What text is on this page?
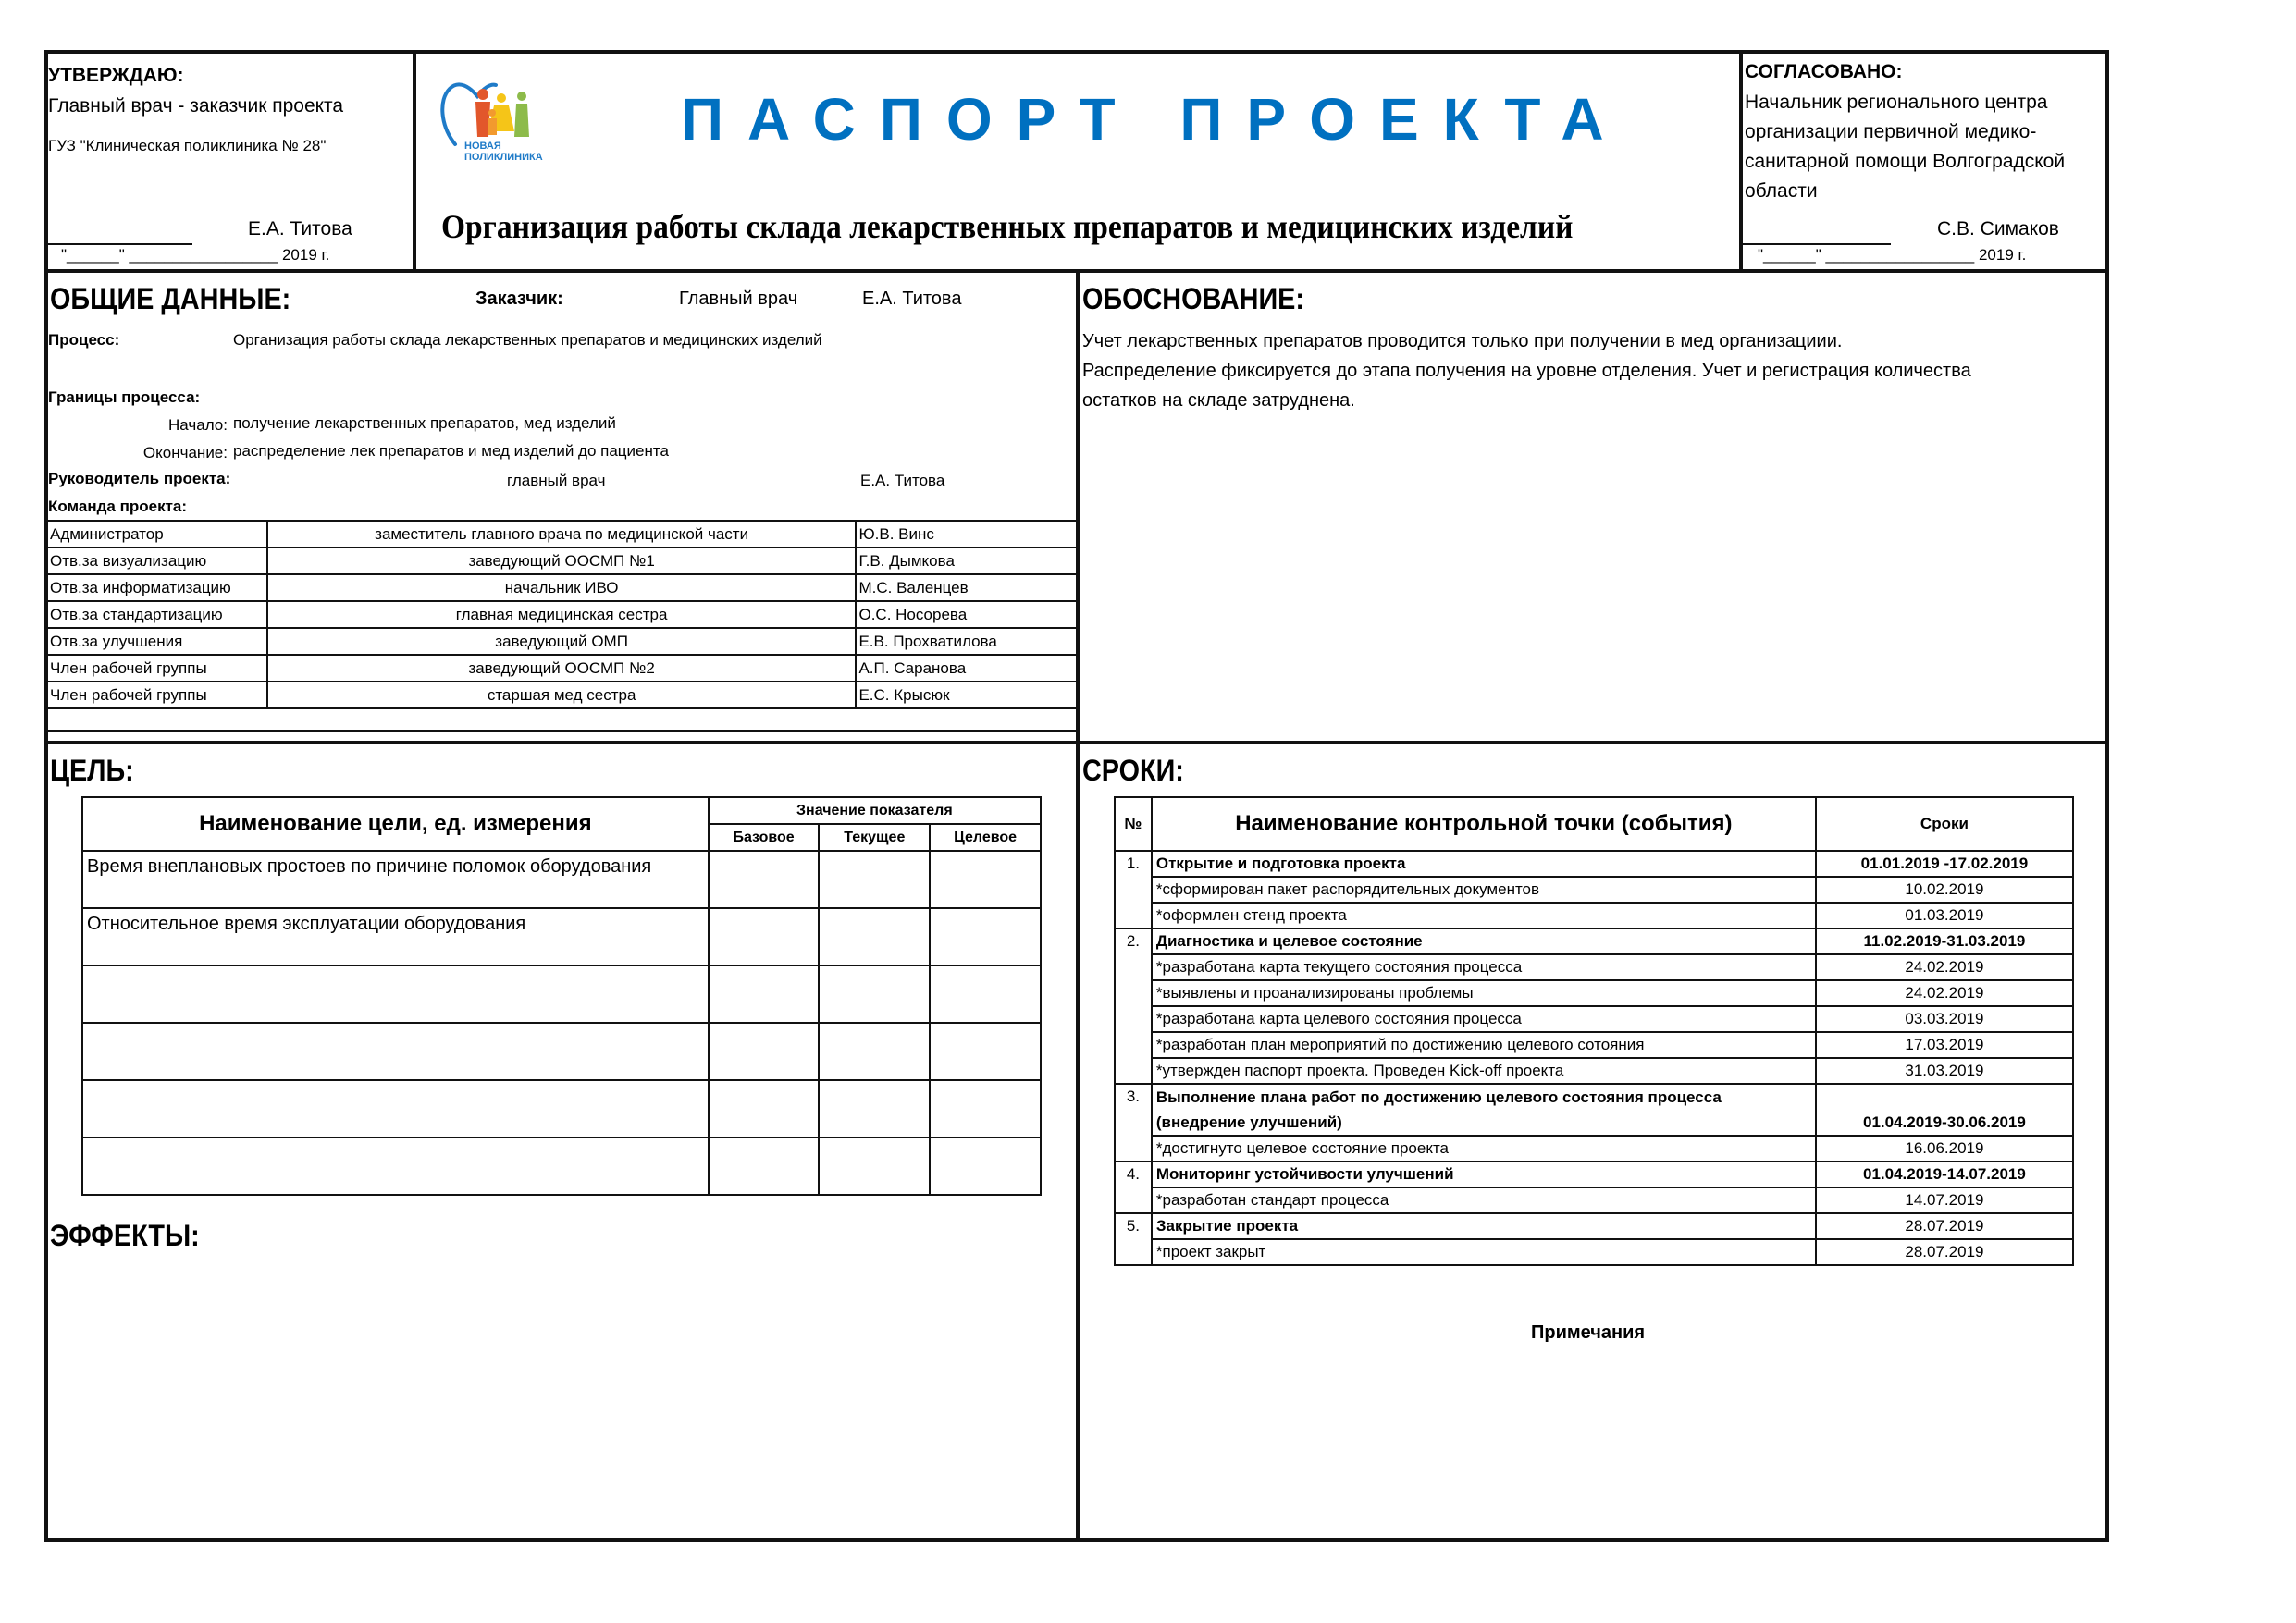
УТВЕРЖДАЮ:
Главный врач - заказчик проекта
ГУЗ "Клиническая поликлиника № 28"
Е.А. Титова
"______" _________________ 2019 г.
НОВАЯ
ПОЛИКЛИНИКА
ПАСПОРТ ПРОЕКТА
Организация работы склада лекарственных препаратов и медицинских изделий
СОГЛАСОВАНО:
Начальник регионального центра
организации первичной медико-
санитарной помощи Волгоградской
области
С.В. Симаков
"______" _________________ 2019 г.
ОБЩИЕ ДАННЫЕ:	Заказчик:	Главный врач	Е.А. Титова
Процесс:	Организация работы склада лекарственных препаратов и медицинских изделий
Границы процесса:
Начало: получение лекарственных препаратов, мед изделий
Окончание: распределение лек препаратов и мед изделий до пациента
Руководитель проекта:	главный врач	Е.А. Титова
Команда проекта:
Администратор	заместитель главного врача по медицинской части	Ю.В. Винс
Отв.за визуализацию	заведующий ООСМП №1	Г.В. Дымкова
Отв.за информатизацию	начальник ИВО	М.С. Валенцев
Отв.за стандартизацию	главная медицинская сестра	О.С. Носорева
Отв.за улучшения	заведующий ОМП	Е.В. Прохватилова
Член рабочей группы	заведующий ООСМП №2	А.П. Саранова
Член рабочей группы	старшая мед сестра	Е.С. Крысюк

ОБОСНОВАНИЕ:
Учет лекарственных препаратов проводится только при получении в мед организациии.
Распределение фиксируется до этапа получения на уровне отделения. Учет и регистрация количества
остатков на складе затруднена.
ЦЕЛЬ:
Наименование цели, ед. измерения	Значение показателя		
	Базовое	Текущее	Целевое
Время внеплановых простоев по причине поломок оборудования			
Относительное время эксплуатации оборудования			

ЭФФЕКТЫ:
СРОКИ:
№	Наименование контрольной точки (события)	Сроки
1.	Открытие и подготовка проекта	01.01.2019 -17.02.2019
	*сформирован пакет распорядительных документов	10.02.2019
	*оформлен стенд проекта	01.03.2019
2.	Диагностика и целевое состояние	11.02.2019-31.03.2019
	*разработана карта текущего состояния процесса	24.02.2019
	*выявлены и проанализированы проблемы	24.02.2019
	*разработана карта целевого состояния процесса	03.03.2019
	*разработан план мероприятий по достижению целевого сотояния	17.03.2019
	*утвержден паспорт проекта. Проведен Kick-off проекта	31.03.2019
3.	Выполнение плана работ по достижению целевого состояния процесса
(внедрение улучшений)	01.04.2019-30.06.2019
	*достигнуто целевое состояние проекта	16.06.2019
4.	Мониторинг устойчивости улучшений	01.04.2019-14.07.2019
	*разработан стандарт процесса	14.07.2019
5.	Закрытие проекта	28.07.2019
	*проект закрыт	28.07.2019
Примечания
